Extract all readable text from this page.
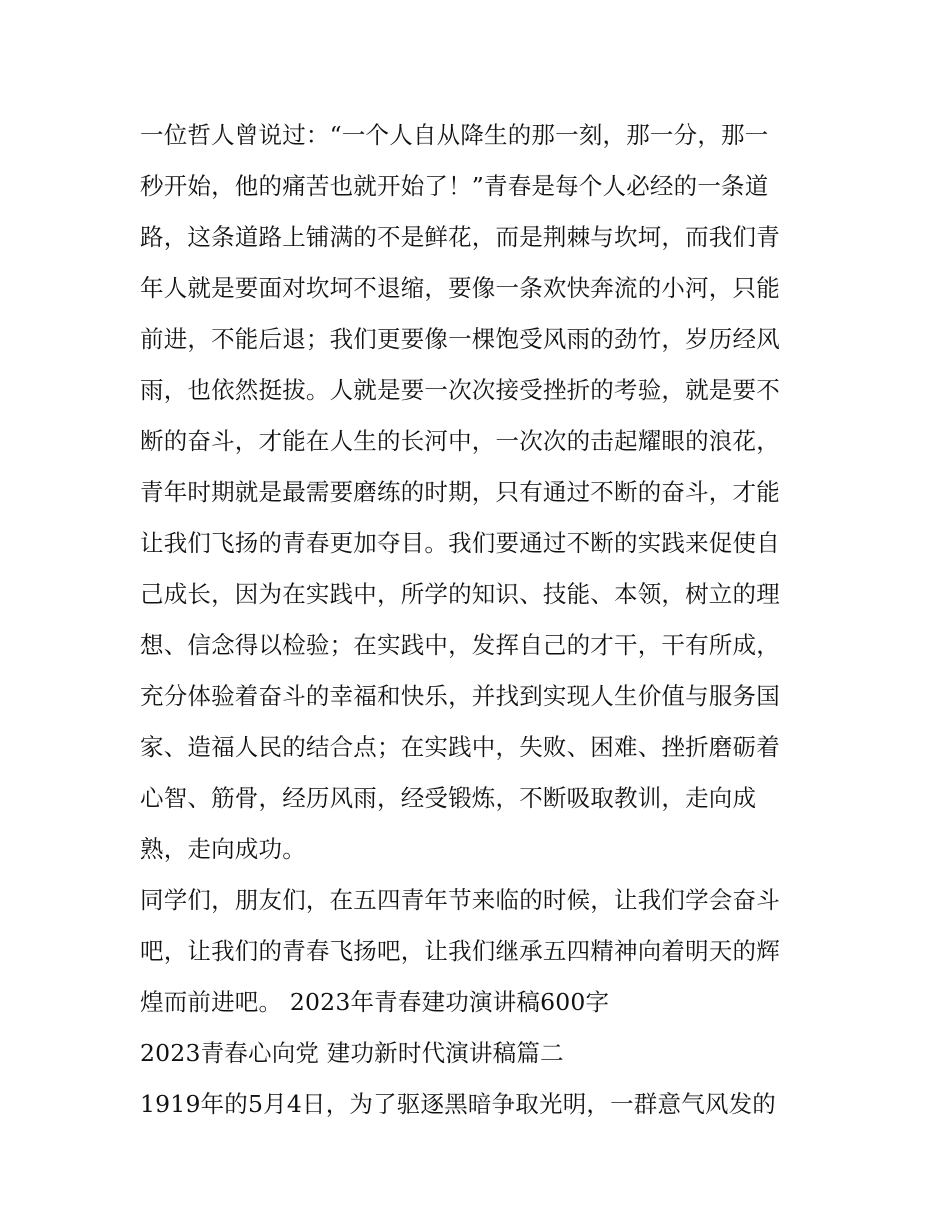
一位哲人曾说过：“一个人自从降生的那一刻，那一分，那一
秒开始，他的痛苦也就开始了！”青春是每个人必经的一条道
路，这条道路上铺满的不是鲜花，而是荆棘与坎坷，而我们青
年人就是要面对坎坷不退缩，要像一条欢快奔流的小河，只能
前进，不能后退；我们更要像一棵饱受风雨的劲竹，岁历经风
雨，也依然挺拔。人就是要一次次接受挫折的考验，就是要不
断的奋斗，才能在人生的长河中，一次次的击起耀眼的浪花，
青年时期就是最需要磨练的时期，只有通过不断的奋斗，才能
让我们飞扬的青春更加夺目。我们要通过不断的实践来促使自
己成长，因为在实践中，所学的知识、技能、本领，树立的理
想、信念得以检验；在实践中，发挥自己的才干，干有所成，
充分体验着奋斗的幸福和快乐，并找到实现人生价值与服务国
家、造福人民的结合点；在实践中，失败、困难、挫折磨砺着
心智、筋骨，经历风雨，经受锻炼，不断吸取教训，走向成
熟，走向成功。
同学们，朋友们，在五四青年节来临的时候，让我们学会奋斗
吧，让我们的青春飞扬吧，让我们继承五四精神向着明天的辉
煌而前进吧。 2023年青春建功演讲稿600字
2023青春心向党 建功新时代演讲稿篇二
1919年的5月4日，为了驱逐黑暗争取光明，一群意气风发的
